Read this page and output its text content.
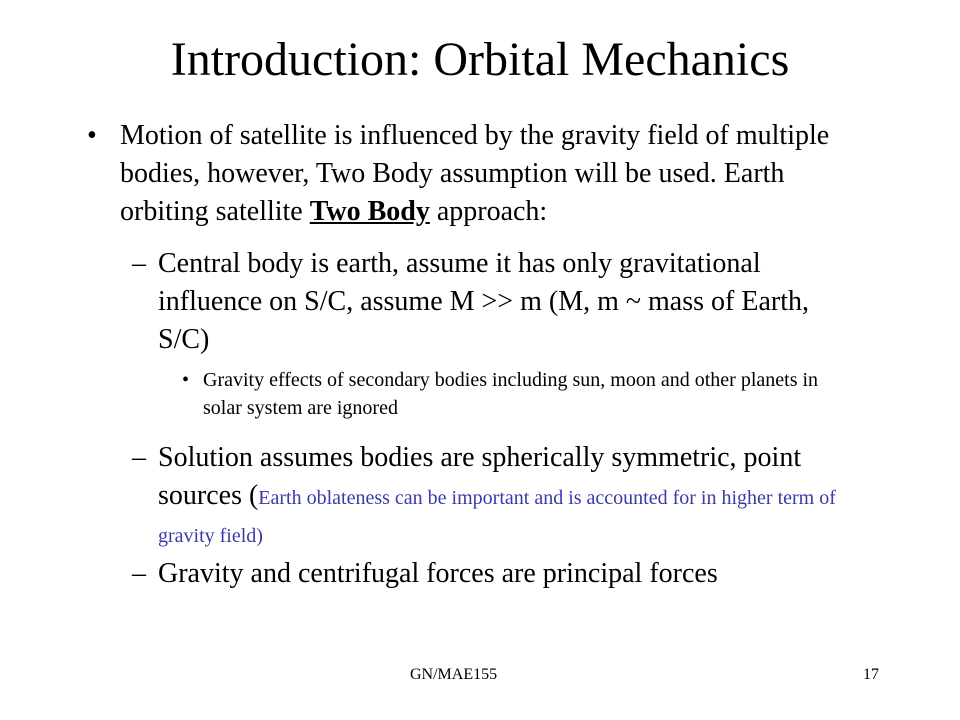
Introduction: Orbital Mechanics
• Motion of satellite is influenced by the gravity field of multiple bodies, however, Two Body assumption will be used. Earth orbiting satellite Two Body approach:
– Central body is earth, assume it has only gravitational influence on S/C, assume M >> m (M, m ~ mass of Earth, S/C)
• Gravity effects of secondary bodies including sun, moon and other planets in solar system are ignored
– Solution assumes bodies are spherically symmetric, point sources (Earth oblateness can be important and is accounted for in higher term of gravity field)
– Gravity and centrifugal forces are principal forces
GN/MAE155	17
